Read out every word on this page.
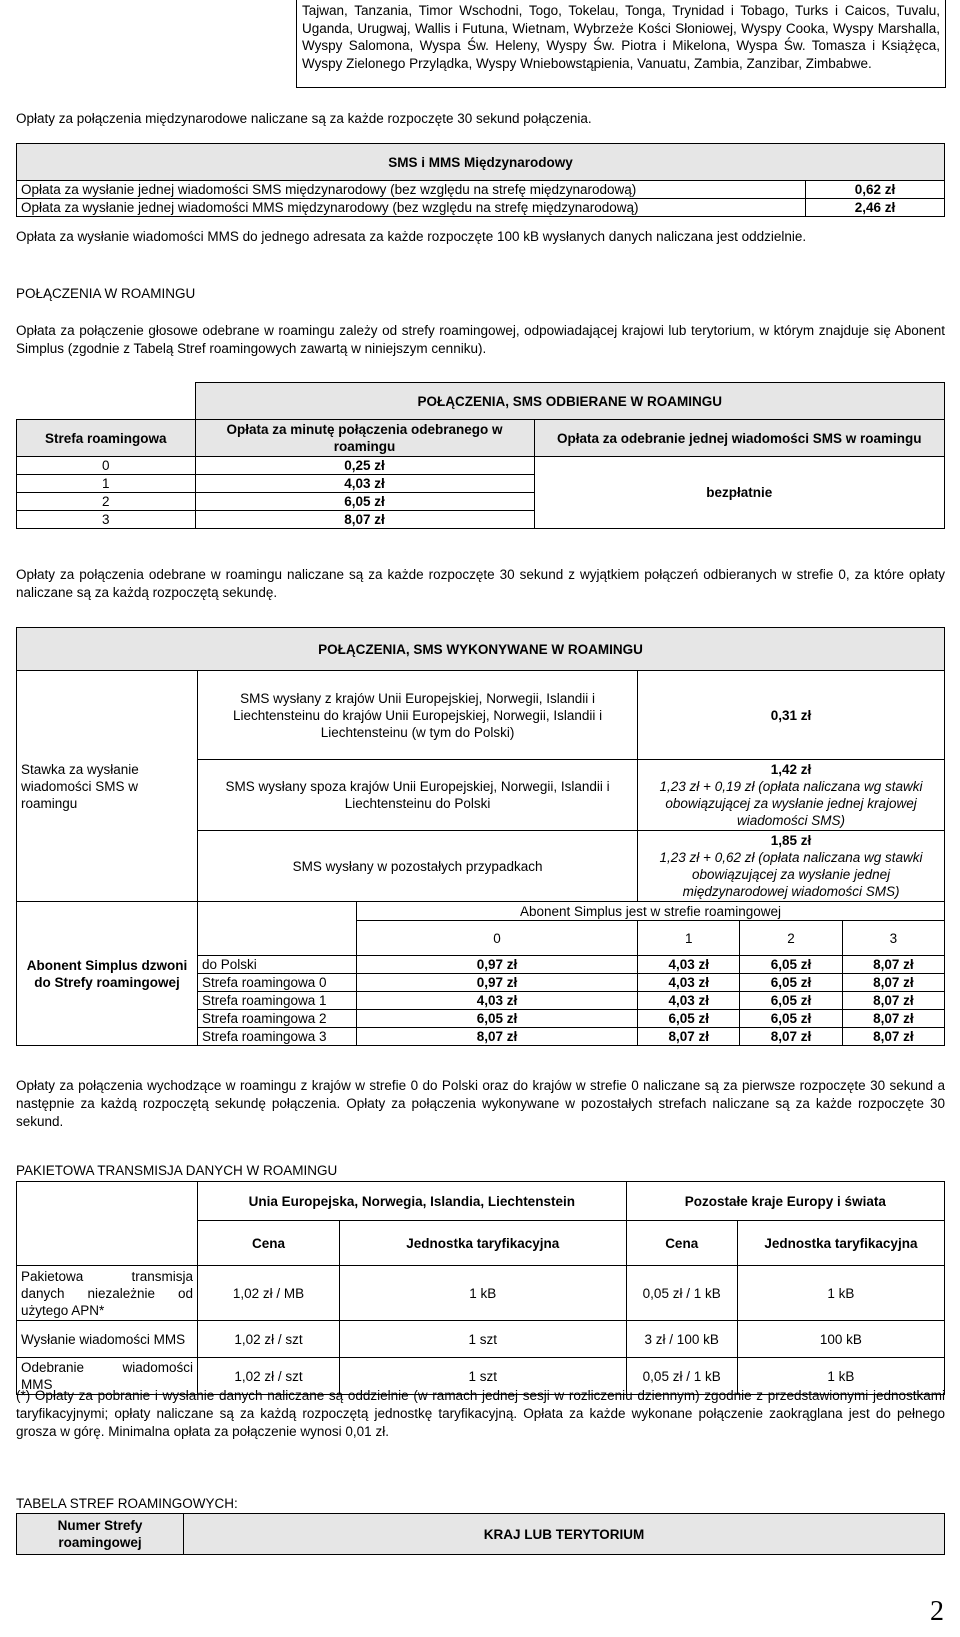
Tajwan, Tanzania, Timor Wschodni, Togo, Tokelau, Tonga, Trynidad i Tobago, Turks i Caicos, Tuvalu, Uganda, Urugwaj, Wallis i Futuna, Wietnam, Wybrzeże Kości Słoniowej, Wyspy Cooka, Wyspy Marshalla, Wyspy Salomona, Wyspa Św. Heleny, Wyspy Św. Piotra i Mikelona, Wyspa Św. Tomasza i Książęca, Wyspy Zielonego Przylądka, Wyspy Wniebowstąpienia, Vanuatu, Zambia, Zanzibar, Zimbabwe.

Opłaty za połączenia międzynarodowe naliczane są za każde rozpoczęte 30 sekund połączenia.

SMS i MMS Międzynarodowy	
Opłata za wysłanie jednej wiadomości SMS międzynarodowy (bez względu na strefę międzynarodową)	0,62 zł
Opłata za wysłanie jednej wiadomości MMS międzynarodowy (bez względu na strefę międzynarodową)	2,46 zł

Opłata za wysłanie wiadomości MMS do jednego adresata za każde rozpoczęte 100 kB wysłanych danych naliczana jest oddzielnie.

POŁĄCZENIA W ROAMINGU

Opłata za połączenie głosowe odebrane w roamingu zależy od strefy roamingowej, odpowiadającej krajowi lub terytorium, w którym znajduje się Abonent Simplus (zgodnie z Tabelą Stref roamingowych zawartą w niniejszym cenniku).

	POŁĄCZENIA, SMS ODBIERANE W ROAMINGU	
Strefa roamingowa	Opłata za minutę połączenia odebranego w roamingu	Opłata za odebranie jednej wiadomości SMS w roamingu
0	0,25 zł	bezpłatnie
1	4,03 zł	
2	6,05 zł	
3	8,07 zł	

Opłaty za połączenia odebrane w roamingu naliczane są za każde rozpoczęte 30 sekund z wyjątkiem połączeń odbieranych w strefie 0, za które opłaty naliczane są za każdą rozpoczętą sekundę.

POŁĄCZENIA, SMS WYKONYWANE W ROAMINGU					
Stawka za wysłanie wiadomości SMS w roamingu	SMS wysłany z krajów Unii Europejskiej, Norwegii, Islandii i Liechtensteinu do krajów Unii Europejskiej, Norwegii, Islandii i Liechtensteinu (w tym do Polski)		0,31 zł		
	SMS wysłany spoza krajów Unii Europejskiej, Norwegii, Islandii i Liechtensteinu do Polski		1,42 zł
1,23 zł + 0,19 zł (opłata naliczana wg stawki obowiązującej za wysłanie jednej krajowej wiadomości SMS)		

	SMS wysłany w pozostałych przypadkach		1,85 zł
1,23 zł + 0,62 zł (opłata naliczana wg stawki obowiązującej za wysłanie jednej międzynarodowej wiadomości SMS)		

Abonent Simplus dzwoni do Strefy roamingowej		Abonent Simplus jest w strefie roamingowej			
		0	1	2	3
	do Polski	0,97 zł	4,03 zł	6,05 zł	8,07 zł
	Strefa roamingowa 0	0,97 zł	4,03 zł	6,05 zł	8,07 zł
	Strefa roamingowa 1	4,03 zł	4,03 zł	6,05 zł	8,07 zł
	Strefa roamingowa 2	6,05 zł	6,05 zł	6,05 zł	8,07 zł
	Strefa roamingowa 3	8,07 zł	8,07 zł	8,07 zł	8,07 zł

Opłaty za połączenia wychodzące w roamingu z krajów w strefie 0 do Polski oraz do krajów w strefie 0 naliczane są za pierwsze rozpoczęte 30 sekund a następnie za każdą rozpoczętą sekundę połączenia. Opłaty za połączenia wykonywane w pozostałych strefach naliczane są za każde rozpoczęte 30 sekund.

PAKIETOWA TRANSMISJA DANYCH W ROAMINGU

	Unia Europejska, Norwegia, Islandia, Liechtenstein		Pozostałe kraje Europy i świata	
	Cena	Jednostka taryfikacyjna	Cena	Jednostka taryfikacyjna
Pakietowa transmisja danych niezależnie od użytego APN*	1,02 zł / MB	1 kB	0,05 zł / 1 kB	1 kB
Wysłanie wiadomości MMS	1,02 zł / szt	1 szt	3 zł / 100 kB	100 kB
Odebranie wiadomości MMS	1,02 zł / szt	1 szt	0,05 zł / 1 kB	1 kB

(*) Opłaty za pobranie i wysłanie danych naliczane są oddzielnie (w ramach jednej sesji w rozliczeniu dziennym) zgodnie z przedstawionymi jednostkami taryfikacyjnymi; opłaty naliczane są za każdą rozpoczętą jednostkę taryfikacyjną. Opłata za każde wykonane połączenie zaokrąglana jest do pełnego grosza w górę. Minimalna opłata za połączenie wynosi 0,01 zł.

TABELA STREF ROAMINGOWYCH:

Numer Strefy roamingowej	KRAJ LUB TERYTORIUM
2
